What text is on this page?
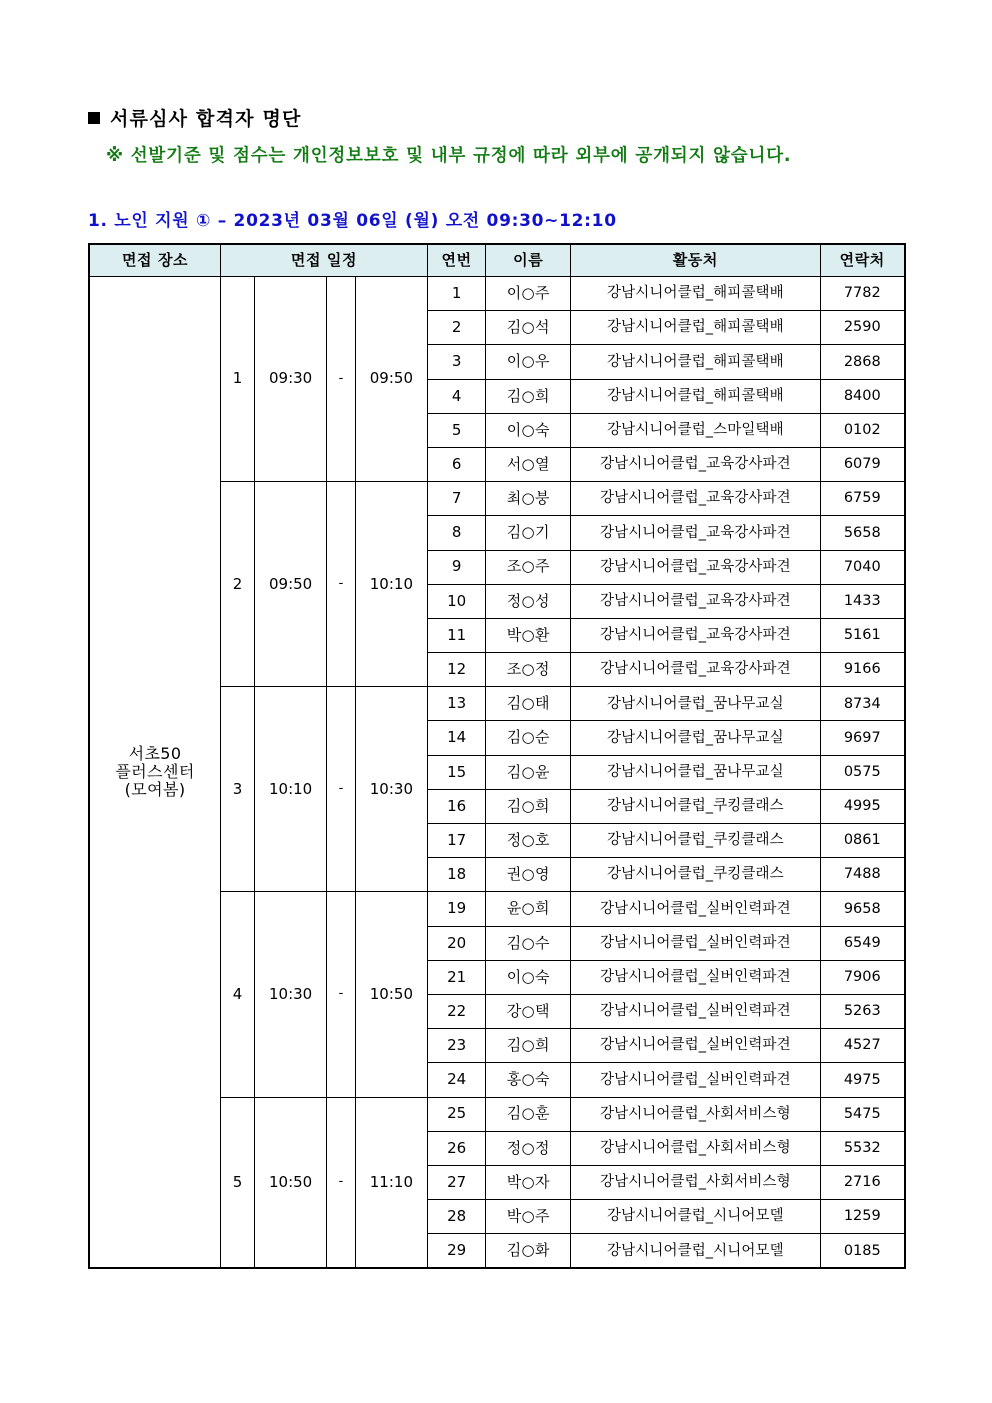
서류심사 합격자 명단
※ 선발기준 및 점수는 개인정보보호 및 내부 규정에 따라 외부에 공개되지 않습니다.
1. 노인 지원 ① – 2023년 03월 06일 (월) 오전 09:30~12:10
면접 장소	면접 일정				연번	이름	활동처	연락처
서초50
플러스센터
(모여봄)	1	09:30	-	09:50	1	이○주	강남시니어클럽_해피콜택배	7782
					2	김○석	강남시니어클럽_해피콜택배	2590
					3	이○우	강남시니어클럽_해피콜택배	2868
					4	김○희	강남시니어클럽_해피콜택배	8400
					5	이○숙	강남시니어클럽_스마일택배	0102
					6	서○열	강남시니어클럽_교육강사파견	6079
	2	09:50	-	10:10	7	최○붕	강남시니어클럽_교육강사파견	6759
					8	김○기	강남시니어클럽_교육강사파견	5658
					9	조○주	강남시니어클럽_교육강사파견	7040
					10	정○성	강남시니어클럽_교육강사파견	1433
					11	박○환	강남시니어클럽_교육강사파견	5161
					12	조○정	강남시니어클럽_교육강사파견	9166
	3	10:10	-	10:30	13	김○태	강남시니어클럽_꿈나무교실	8734
					14	김○순	강남시니어클럽_꿈나무교실	9697
					15	김○윤	강남시니어클럽_꿈나무교실	0575
					16	김○희	강남시니어클럽_쿠킹클래스	4995
					17	정○호	강남시니어클럽_쿠킹클래스	0861
					18	권○영	강남시니어클럽_쿠킹클래스	7488
	4	10:30	-	10:50	19	윤○희	강남시니어클럽_실버인력파견	9658
					20	김○수	강남시니어클럽_실버인력파견	6549
					21	이○숙	강남시니어클럽_실버인력파견	7906
					22	강○택	강남시니어클럽_실버인력파견	5263
					23	김○희	강남시니어클럽_실버인력파견	4527
					24	홍○숙	강남시니어클럽_실버인력파견	4975
	5	10:50	-	11:10	25	김○훈	강남시니어클럽_사회서비스형	5475
					26	정○정	강남시니어클럽_사회서비스형	5532
					27	박○자	강남시니어클럽_사회서비스형	2716
					28	박○주	강남시니어클럽_시니어모델	1259
					29	김○화	강남시니어클럽_시니어모델	0185
